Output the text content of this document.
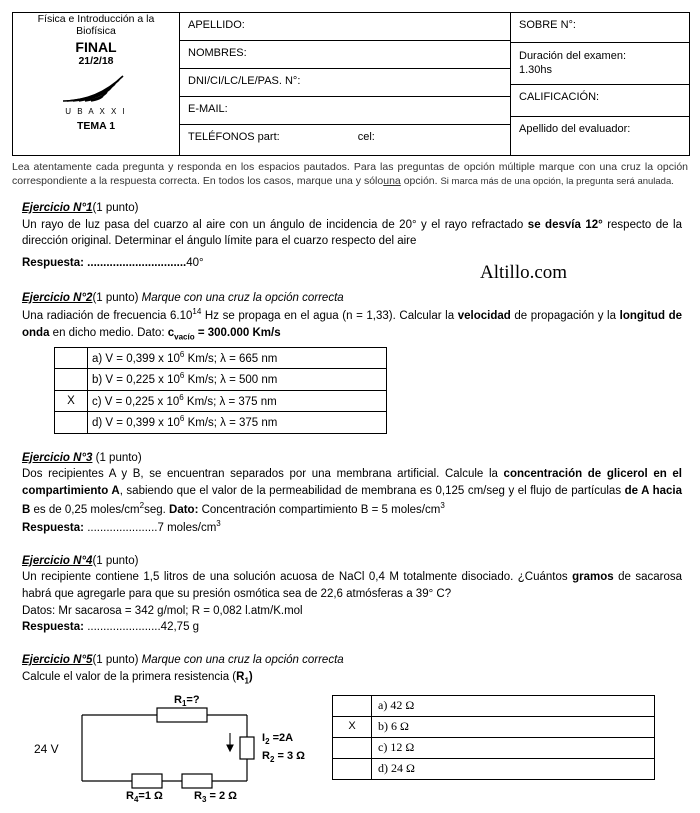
Física e Introducción a la
Biofísica
FINAL
21/2/18
U B A X X I
TEMA 1

APELLIDO:
NOMBRES:
DNI/CI/LC/LE/PAS. N°:
E-MAIL:
TELÉFONOS part:	cel:

SOBRE N°:
Duración del examen:
1.30hs
CALIFICACIÓN:
Apellido del evaluador:
Lea atentamente cada pregunta y responda en los espacios pautados. Para las preguntas de opción múltiple marque con una cruz la opción correspondiente a la respuesta correcta. En todos los casos, marque una y sólouna opción. Si marca más de una opción, la pregunta será anulada.
Altillo.com
Ejercicio N°1(1 punto)
Un rayo de luz pasa del cuarzo al aire con un ángulo de incidencia de 20° y el rayo refractado se desvía 12° respecto de la dirección original. Determinar el ángulo límite para el cuarzo respecto del aire
Respuesta: ...............................40°
Ejercicio N°2(1 punto) Marque con una cruz la opción correcta
Una radiación de frecuencia 6.10$^{14}$ Hz se propaga en el agua (n = 1,33). Calcular la velocidad de propagación y la longitud de onda en dicho medio. Dato: $c_{vacío} = 300.000$ Km/s
	a) V = 0,399 x $10^6$ Km/s; λ = 665 nm
	b) V = 0,225 x $10^6$ Km/s; λ = 500 nm
X	c) V = 0,225 x $10^6$ Km/s; λ = 375 nm
	d) V = 0,399 x $10^6$ Km/s; λ = 375 nm
Ejercicio N°3 (1 punto)
Dos recipientes A y B, se encuentran separados por una membrana artificial. Calcule la concentración de glicerol en el compartimiento A, sabiendo que el valor de la permeabilidad de membrana es 0,125 cm/seg y el flujo de partículas de A hacia B es de 0,25 moles/$cm^2seg$. Dato: Concentración compartimiento B = 5 moles/$cm^3$
Respuesta: ......................7 moles/$cm^3$
Ejercicio N°4(1 punto)
Un recipiente contiene 1,5 litros de una solución acuosa de NaCl 0,4 M totalmente disociado. ¿Cuántos gramos de sacarosa habrá que agregarle para que su presión osmótica sea de 22,6 atmósferas a 39° C?
Datos: Mr sacarosa = 342 g/mol; R = 0,082 l.atm/K.mol
Respuesta: .......................42,75 g
Ejercicio N°5(1 punto) Marque con una cruz la opción correcta
Calcule el valor de la primera resistencia $(R_1)$
$R_1=$?
24 V
$I_2 =2A$
$R_2 = 3$ Ω
$R_4=1$ Ω	$R_3 = 2$ Ω
	a) 42 Ω
X	b) 6 Ω
	c) 12 Ω
	d) 24 Ω
